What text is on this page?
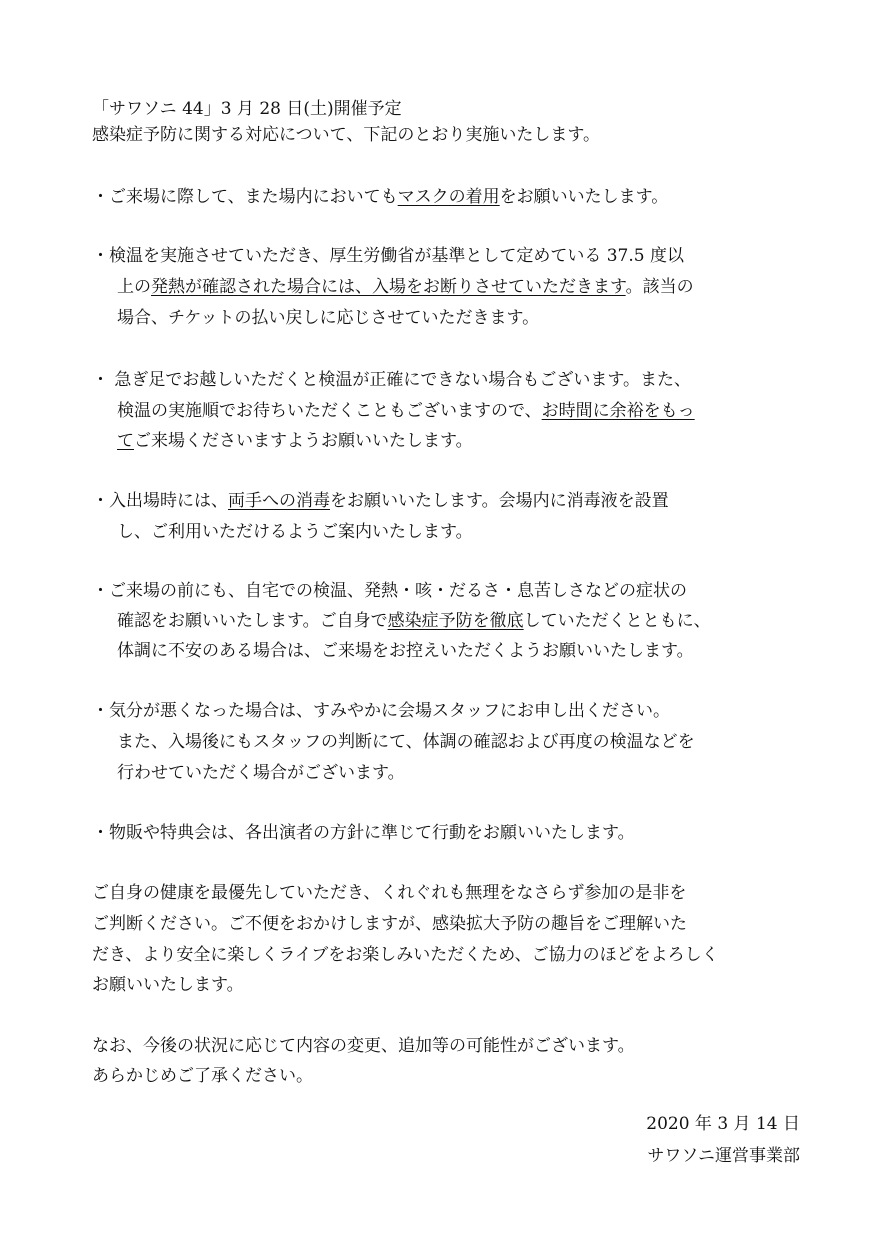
「サワソニ 44」3 月 28 日(土)開催予定
感染症予防に関する対応について、下記のとおり実施いたします。
・ご来場に際して、また場内においてもマスクの着用をお願いいたします。
・検温を実施させていただき、厚生労働省が基準として定めている 37.5 度以
上の発熱が確認された場合には、入場をお断りさせていただきます。該当の
場合、チケットの払い戻しに応じさせていただきます。
・ 急ぎ足でお越しいただくと検温が正確にできない場合もございます。また、
検温の実施順でお待ちいただくこともございますので、お時間に余裕をもっ
てご来場くださいますようお願いいたします。
・入出場時には、両手への消毒をお願いいたします。会場内に消毒液を設置
し、ご利用いただけるようご案内いたします。
・ご来場の前にも、自宅での検温、発熱・咳・だるさ・息苦しさなどの症状の
確認をお願いいたします。ご自身で感染症予防を徹底していただくとともに、
体調に不安のある場合は、ご来場をお控えいただくようお願いいたします。
・気分が悪くなった場合は、すみやかに会場スタッフにお申し出ください。
また、入場後にもスタッフの判断にて、体調の確認および再度の検温などを
行わせていただく場合がございます。
・物販や特典会は、各出演者の方針に準じて行動をお願いいたします。
ご自身の健康を最優先していただき、くれぐれも無理をなさらず参加の是非を
ご判断ください。ご不便をおかけしますが、感染拡大予防の趣旨をご理解いた
だき、より安全に楽しくライブをお楽しみいただくため、ご協力のほどをよろしく
お願いいたします。
なお、今後の状況に応じて内容の変更、追加等の可能性がございます。
あらかじめご了承ください。
2020 年 3 月 14 日
サワソニ運営事業部
